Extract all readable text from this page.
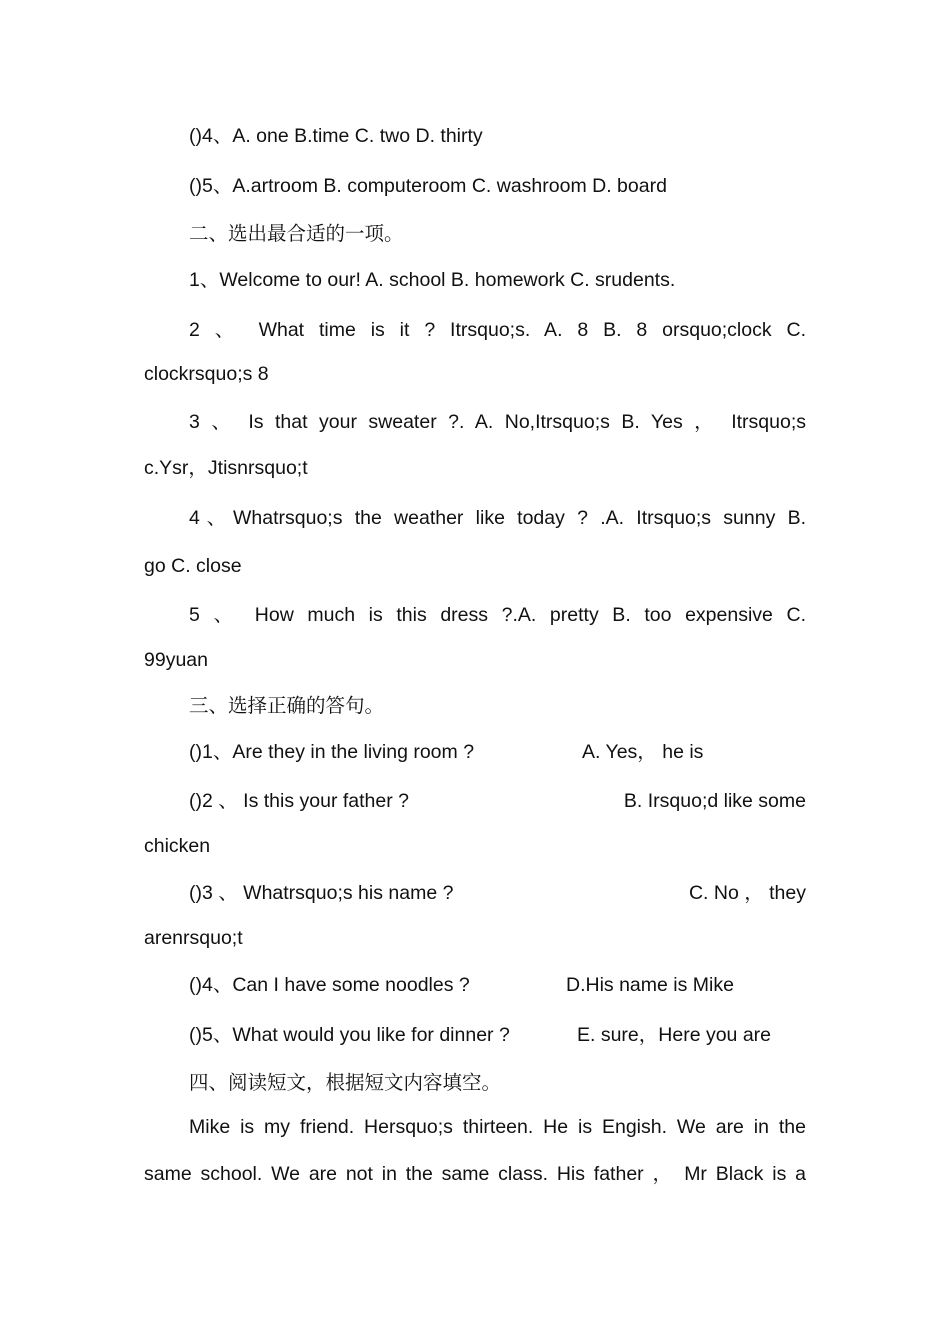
()4、A. one B.time C. two D. thirty
()5、A.artroom B. computeroom C. washroom D. board
二、选出最合适的一项。
1、Welcome to our! A. school B. homework C. srudents.
2 、 What time is it ? Itrsquo;s. A. 8 B. 8 orsquo;clock C.
clockrsquo;s 8
3 、 Is that your sweater ?. A. No,Itrsquo;s B. Yes ， Itrsquo;s
c.Ysr，Jtisnrsquo;t
4、Whatrsquo;s the weather like today ? .A. Itrsquo;s sunny B.
go C. close
5 、 How much is this dress ?.A. pretty B. too expensive C.
99yuan
三、选择正确的答句。
()1、Are they in the living room ?	A. Yes， he is
()2 、 Is this your father ?	B. Irsquo;d like some
chicken
()3 、 Whatrsquo;s his name ?	C. No ， they
arenrsquo;t
()4、Can I have some noodles ?	D.His name is Mike
()5、What would you like for dinner ?	E. sure，Here you are
四、阅读短文，根据短文内容填空。
Mike is my friend. Hersquo;s thirteen. He is Engish. We are in the
same school. We are not in the same class. His father ， Mr Black is a
